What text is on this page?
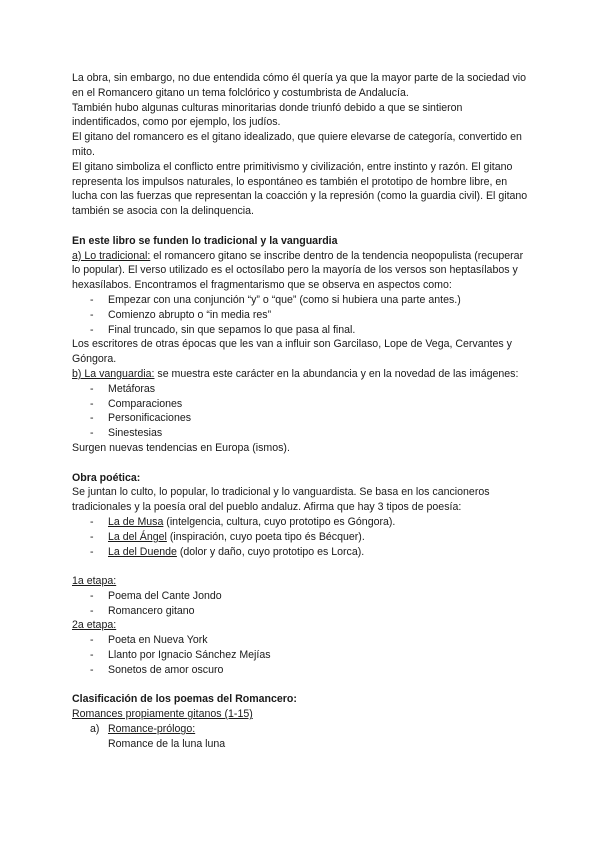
La obra, sin embargo, no due entendida cómo él quería ya que la mayor parte de la sociedad vio en el Romancero gitano un tema folclórico y costumbrista de Andalucía.

También hubo algunas culturas minoritarias donde triunfó debido a que se sintieron indentificados, como por ejemplo, los judíos.

El gitano del romancero es el gitano idealizado, que quiere elevarse de categoría, convertido en mito.

El gitano simboliza el conflicto entre primitivismo y civilización, entre instinto y razón. El gitano representa los impulsos naturales, lo espontáneo es también el prototipo de hombre libre, en lucha con las fuerzas que representan la coacción y la represión (como la guardia civil). El gitano también se asocia con la delinquencia.

En este libro se funden lo tradicional y la vanguardia

a) Lo tradicional: el romancero gitano se inscribe dentro de la tendencia neopopulista (recuperar lo popular). El verso utilizado es el octosílabo pero la mayoría de los versos son heptasílabos y hexasílabos. Encontramos el fragmentarismo que se observa en aspectos como:

- Empezar con una conjunción “y” o “que” (como si hubiera una parte antes.)
- Comienzo abrupto o “in media res”
- Final truncado, sin que sepamos lo que pasa al final.

Los escritores de otras épocas que les van a influir son Garcilaso, Lope de Vega, Cervantes y Góngora.

b) La vanguardia: se muestra este carácter en la abundancia y en la novedad de las imágenes:

- Metáforas
- Comparaciones
- Personificaciones
- Sinestesias

Surgen nuevas tendencias en Europa (ismos).

Obra poética:

Se juntan lo culto, lo popular, lo tradicional y lo vanguardista. Se basa en los cancioneros tradicionales y la poesía oral del pueblo andaluz. Afirma que hay 3 tipos de poesía:

- La de Musa (intelgencia, cultura, cuyo prototipo es Góngora).
- La del Ángel (inspiración, cuyo poeta tipo és Bécquer).
- La del Duende (dolor y daño, cuyo prototipo es Lorca).

1a etapa:

- Poema del Cante Jondo
- Romancero gitano

2a etapa:

- Poeta en Nueva York
- Llanto por Ignacio Sánchez Mejías
- Sonetos de amor oscuro

Clasificación de los poemas del Romancero:

Romances propiamente gitanos (1-15)

a) Romance-prólogo:
Romance de la luna luna
